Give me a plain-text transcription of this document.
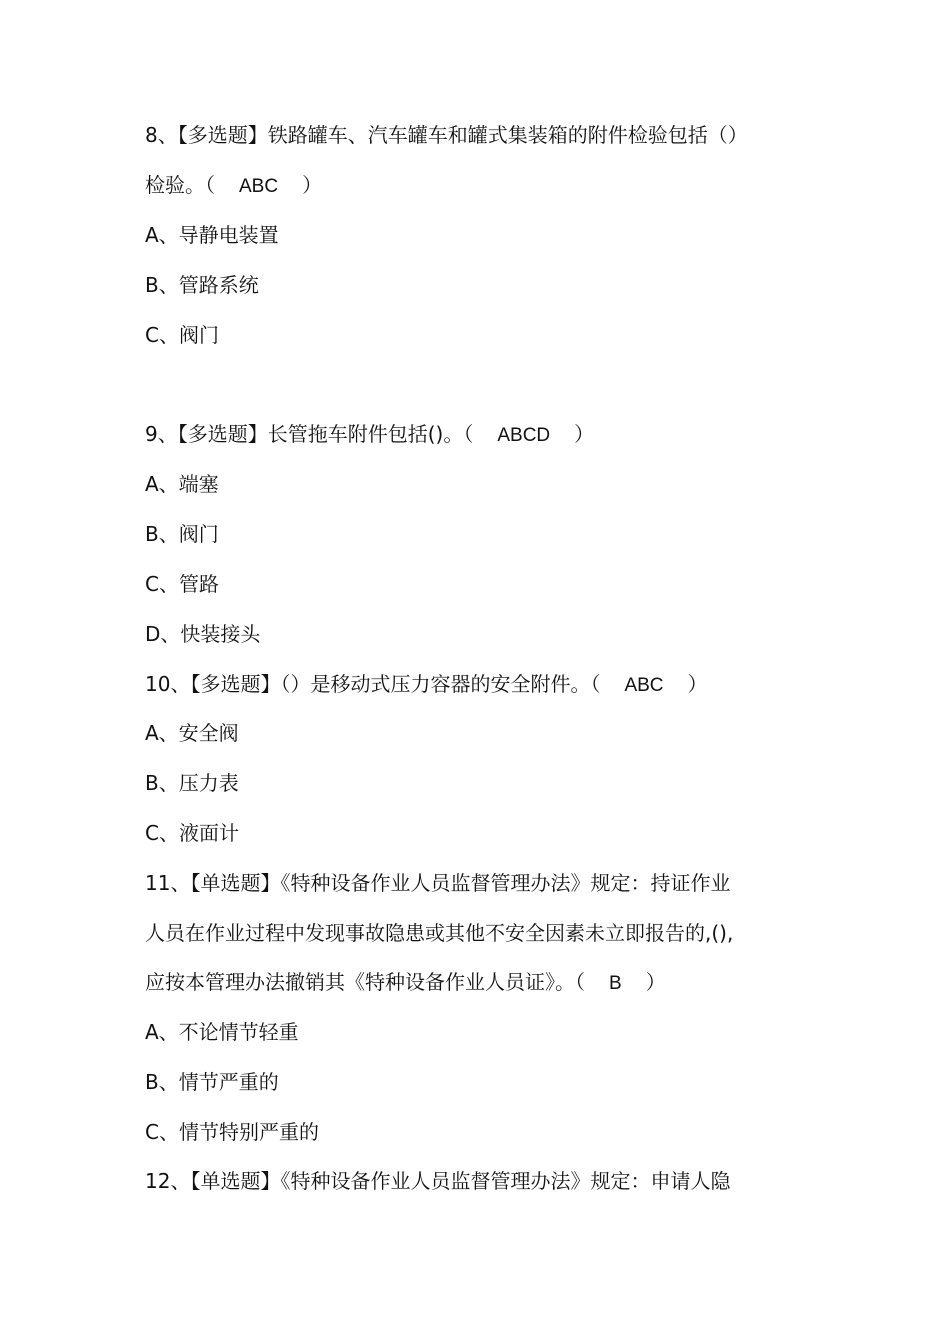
8、【多选题】铁路罐车、汽车罐车和罐式集装箱的附件检验包括（）
检验。（ ABC ）
A、导静电装置
B、管路系统
C、阀门
9、【多选题】长管拖车附件包括()。（ ABCD ）
A、端塞
B、阀门
C、管路
D、快装接头
10、【多选题】（）是移动式压力容器的安全附件。（ ABC ）
A、安全阀
B、压力表
C、液面计
11、【单选题】《特种设备作业人员监督管理办法》规定：持证作业
人员在作业过程中发现事故隐患或其他不安全因素未立即报告的,(),
应按本管理办法撤销其《特种设备作业人员证》。（ B ）
A、不论情节轻重
B、情节严重的
C、情节特别严重的
12、【单选题】《特种设备作业人员监督管理办法》规定：申请人隐
